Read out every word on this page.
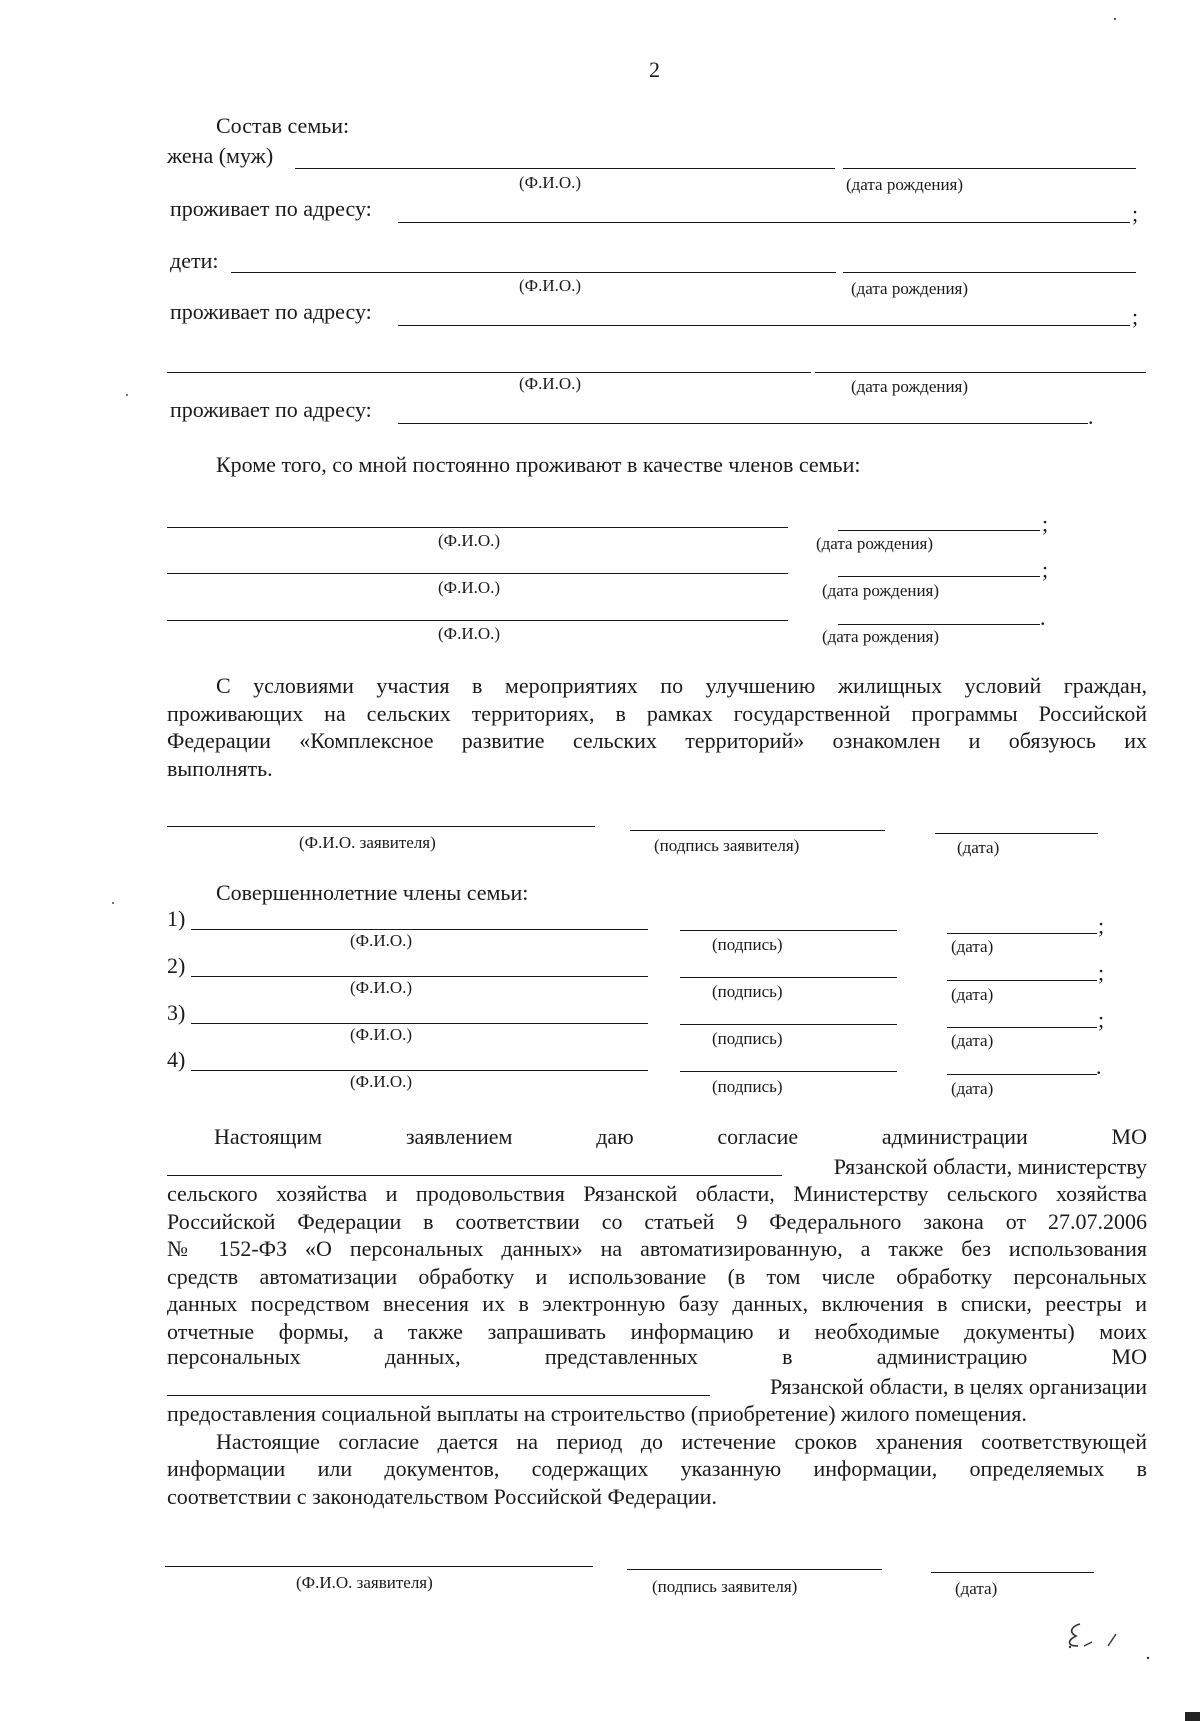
2
Состав семьи:
жена (муж)
(Ф.И.О.)	(дата рождения)
проживает по адресу:	;
дети:
(Ф.И.О.)	(дата рождения)
проживает по адресу:	;
(Ф.И.О.)	(дата рождения)
проживает по адресу:	.
Кроме того, со мной постоянно проживают в качестве членов семьи:
;
(Ф.И.О.)	(дата рождения)
;
(Ф.И.О.)	(дата рождения)
.
(Ф.И.О.)	(дата рождения)
С условиями участия в мероприятиях по улучшению жилищных условий граждан,
проживающих на сельских территориях, в рамках государственной программы Российской
Федерации «Комплексное развитие сельских территорий» ознакомлен и обязуюсь их
выполнять.
(Ф.И.О. заявителя)	(подпись заявителя)	(дата)
Совершеннолетние члены семьи:
1)	;
(Ф.И.О.)	(подпись)	(дата)
2)	;
(Ф.И.О.)	(подпись)	(дата)
3)	;
(Ф.И.О.)	(подпись)	(дата)
4)	.
(Ф.И.О.)	(подпись)	(дата)
Настоящим	заявлением	даю	согласие	администрации	МО
Рязанской области, министерству
сельского хозяйства и продовольствия Рязанской области, Министерству сельского хозяйства
Российской Федерации в соответствии со статьей 9 Федерального закона от 27.07.2006
№ 152-ФЗ «О персональных данных» на автоматизированную, а также без использования
средств автоматизации обработку и использование (в том числе обработку персональных
данных посредством внесения их в электронную базу данных, включения в списки, реестры и
отчетные формы, а также запрашивать информацию и необходимые документы) моих
персональных	данных,	представленных	в	администрацию	МО
Рязанской области, в целях организации
предоставления социальной выплаты на строительство (приобретение) жилого помещения.
Настоящие согласие дается на период до истечение сроков хранения соответствующей
информации или документов, содержащих указанную информации, определяемых в
соответствии с законодательством Российской Федерации.
(Ф.И.О. заявителя)	(подпись заявителя)	(дата)
